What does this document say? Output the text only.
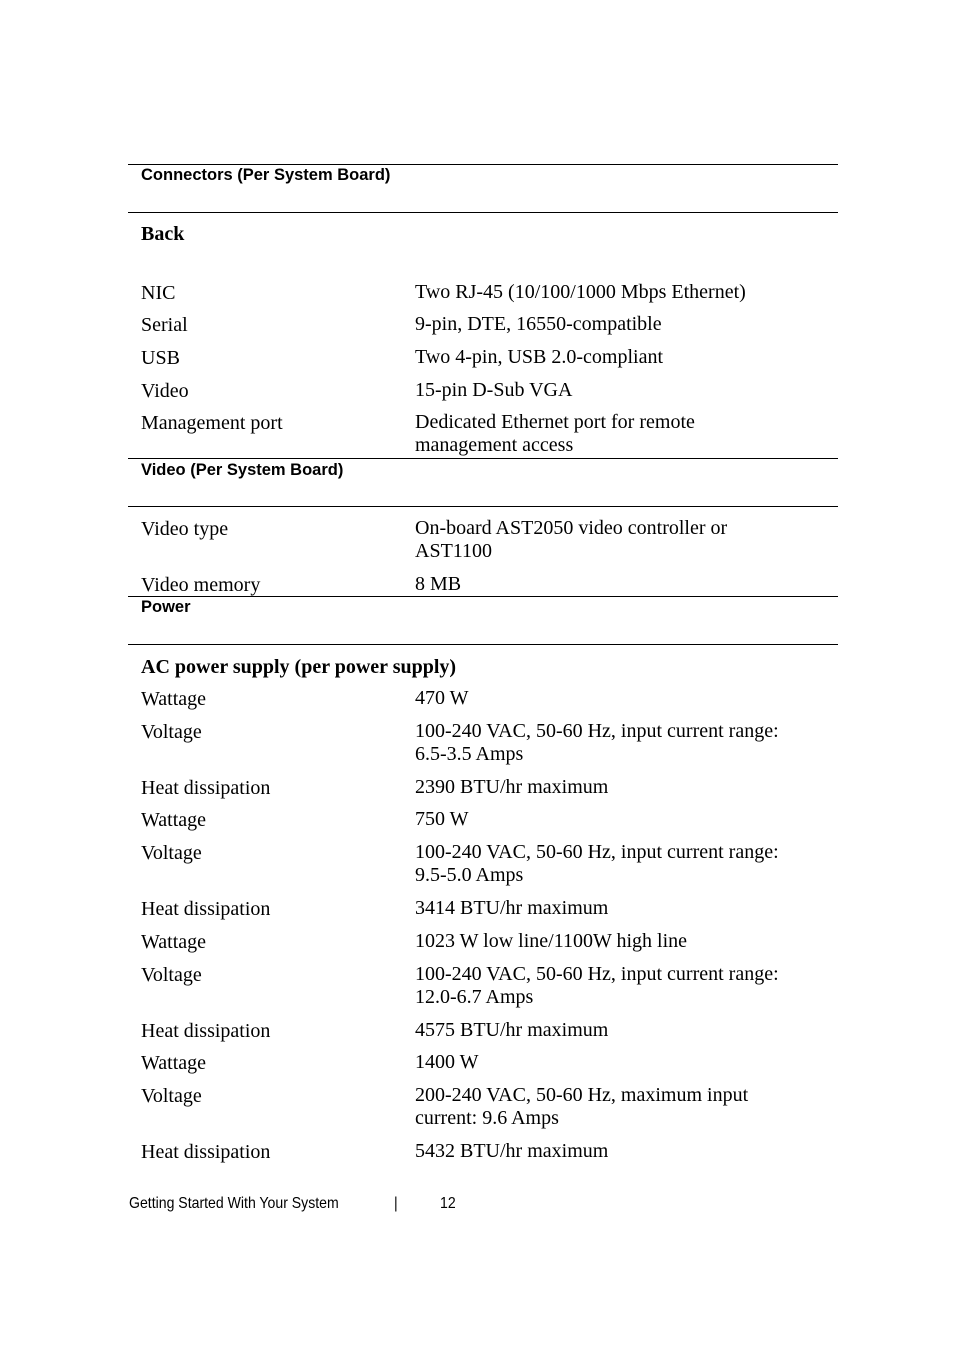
Connectors (Per System Board)
Back
NIC	Two RJ-45 (10/100/1000 Mbps Ethernet)
Serial	9-pin, DTE, 16550-compatible
USB	Two 4-pin, USB 2.0-compliant
Video	15-pin D-Sub VGA
Management port	Dedicated Ethernet port for remote management access
Video (Per System Board)
Video type	On-board AST2050 video controller or AST1100
Video memory	8 MB
Power
AC power supply (per power supply)
Wattage	470 W
Voltage	100-240 VAC, 50-60 Hz, input current range: 6.5-3.5 Amps
Heat dissipation	2390 BTU/hr maximum
Wattage	750 W
Voltage	100-240 VAC, 50-60 Hz, input current range: 9.5-5.0 Amps
Heat dissipation	3414 BTU/hr maximum
Wattage	1023 W low line/1100W high line
Voltage	100-240 VAC, 50-60 Hz, input current range: 12.0-6.7 Amps
Heat dissipation	4575 BTU/hr maximum
Wattage	1400 W
Voltage	200-240 VAC, 50-60 Hz, maximum input current: 9.6 Amps
Heat dissipation	5432 BTU/hr maximum
Getting Started With Your System	|	12
